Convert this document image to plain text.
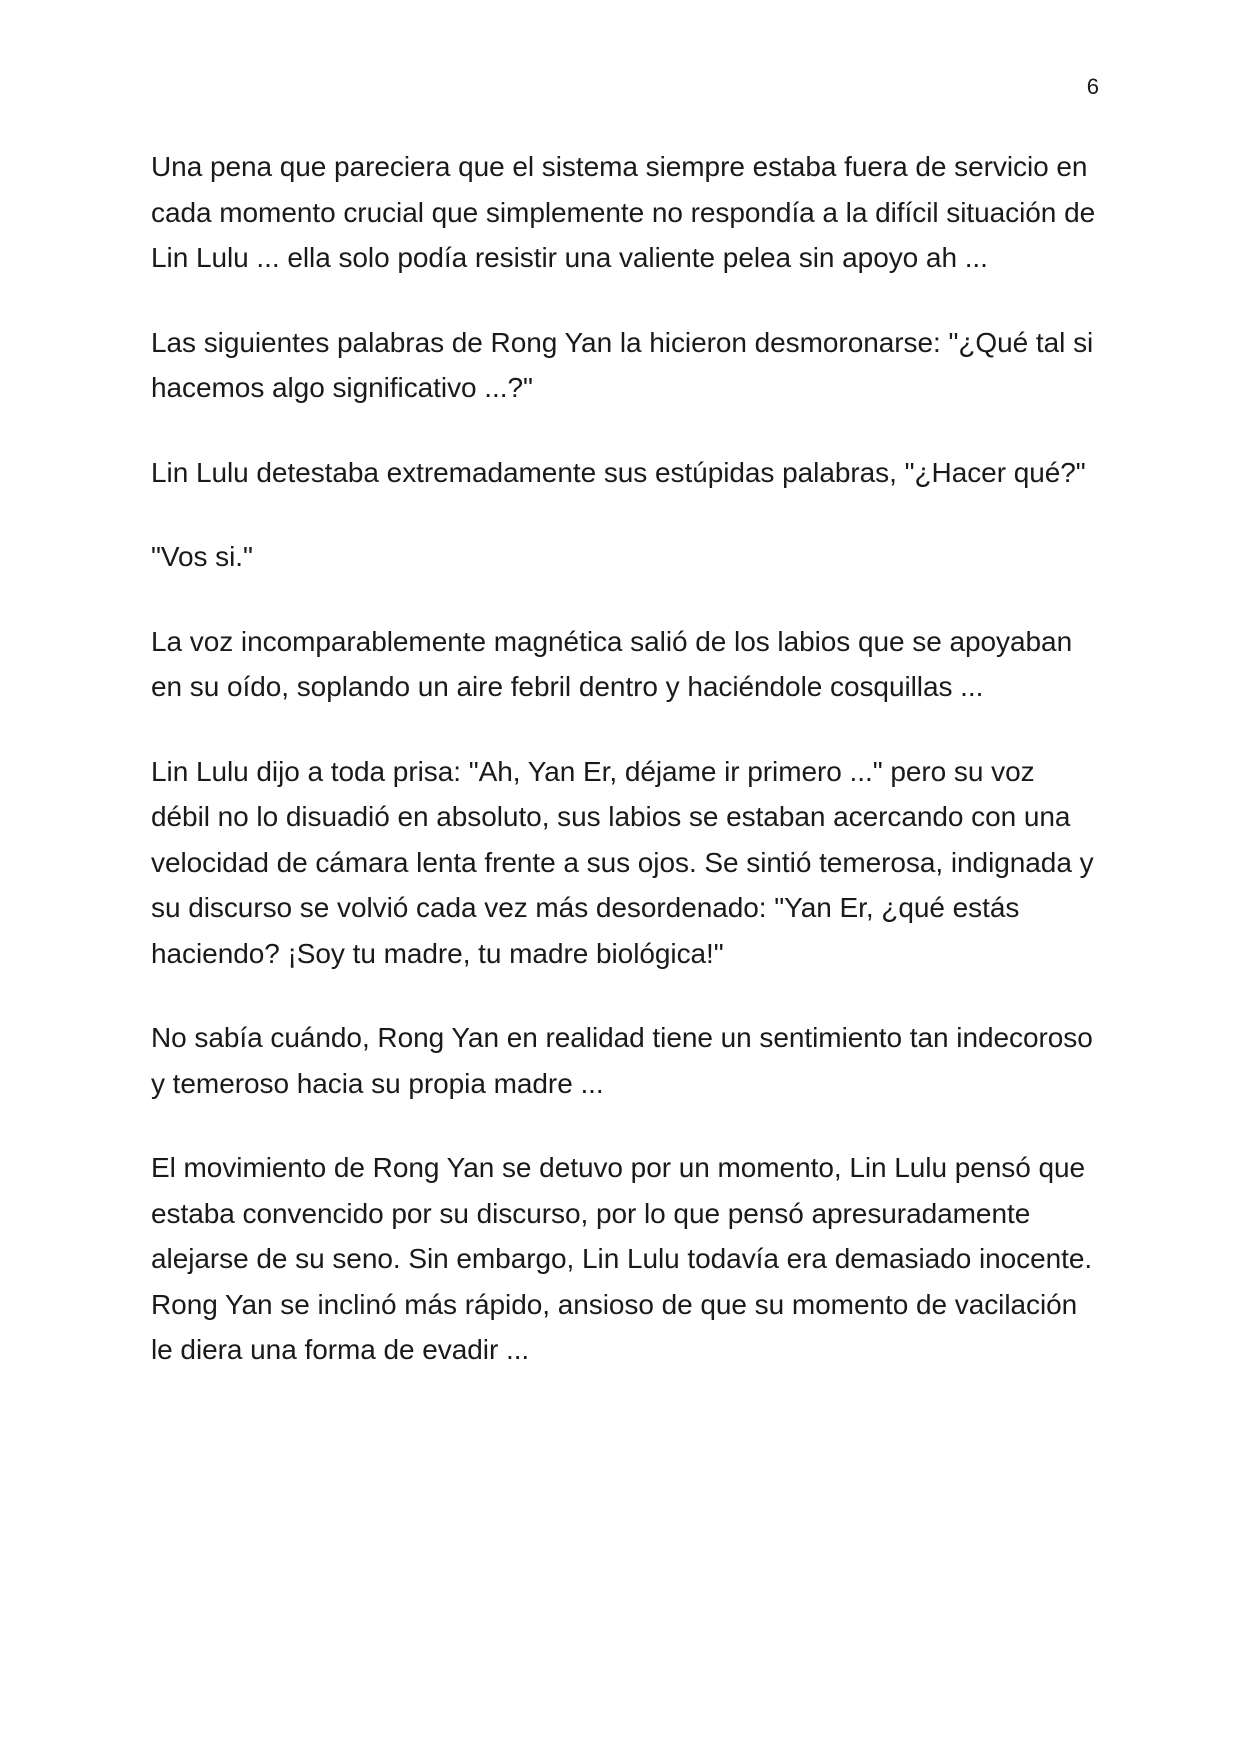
6

Una pena que pareciera que el sistema siempre estaba fuera de servicio en cada momento crucial que simplemente no respondía a la difícil situación de Lin Lulu ... ella solo podía resistir una valiente pelea sin apoyo ah ...

Las siguientes palabras de Rong Yan la hicieron desmoronarse: "¿Qué tal si hacemos algo significativo ...?"

Lin Lulu detestaba extremadamente sus estúpidas palabras, "¿Hacer qué?"

"Vos si."

La voz incomparablemente magnética salió de los labios que se apoyaban en su oído, soplando un aire febril dentro y haciéndole cosquillas ...

Lin Lulu dijo a toda prisa: "Ah, Yan Er, déjame ir primero ..." pero su voz débil no lo disuadió en absoluto, sus labios se estaban acercando con una velocidad de cámara lenta frente a sus ojos. Se sintió temerosa, indignada y su discurso se volvió cada vez más desordenado: "Yan Er, ¿qué estás haciendo? ¡Soy tu madre, tu madre biológica!"

No sabía cuándo, Rong Yan en realidad tiene un sentimiento tan indecoroso y temeroso hacia su propia madre ...

El movimiento de Rong Yan se detuvo por un momento, Lin Lulu pensó que estaba convencido por su discurso, por lo que pensó apresuradamente alejarse de su seno. Sin embargo, Lin Lulu todavía era demasiado inocente. Rong Yan se inclinó más rápido, ansioso de que su momento de vacilación le diera una forma de evadir ...
